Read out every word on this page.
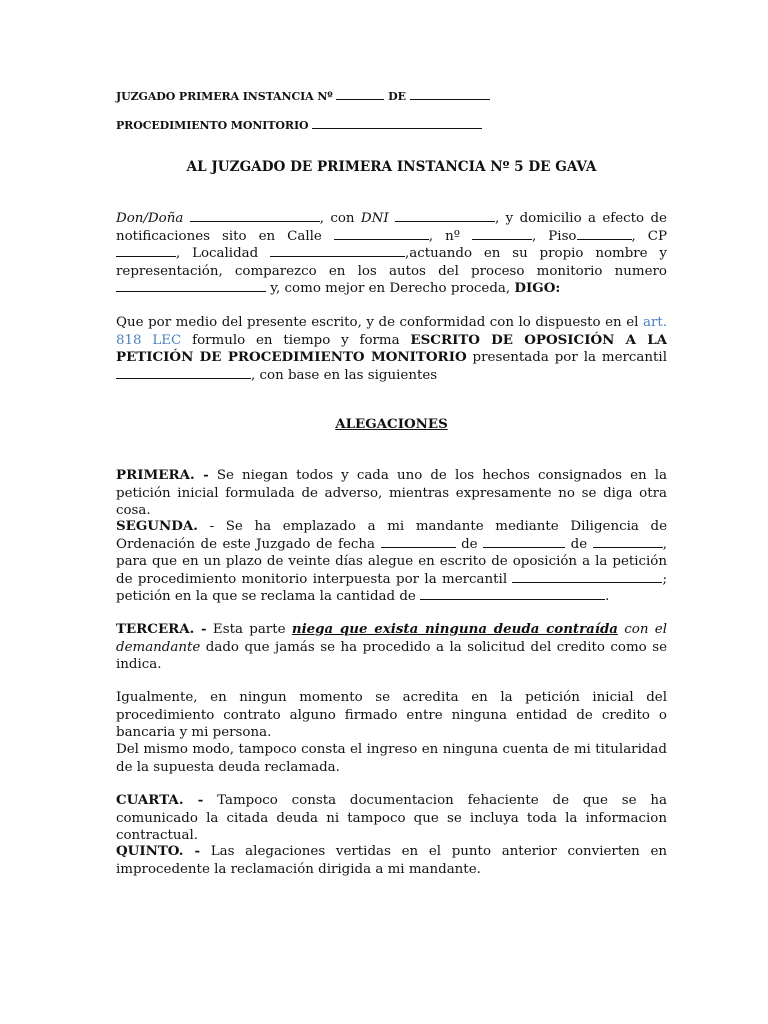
JUZGADO PRIMERA INSTANCIA Nº	DE
PROCEDIMIENTO MONITORIO
AL JUZGADO DE PRIMERA INSTANCIA Nº 5 DE GAVA
Don/Doña	, con DNI	, y domicilio a efecto de
notificaciones sito en Calle	, nº	, Piso	, CP
, Localidad	,actuando en su propio nombre y
representación, comparezco en los autos del proceso monitorio numero
y, como mejor en Derecho proceda, DIGO:
Que por medio del presente escrito, y de conformidad con lo dispuesto en el art. 818 LEC formulo en tiempo y forma ESCRITO DE OPOSICIÓN A LA PETICIÓN DE PROCEDIMIENTO MONITORIO presentada por la mercantil , con base en las siguientes
ALEGACIONES
PRIMERA. - Se niegan todos y cada uno de los hechos consignados en la petición inicial formulada de adverso, mientras expresamente no se diga otra cosa.
SEGUNDA. - Se ha emplazado a mi mandante mediante Diligencia de Ordenación de este Juzgado de fecha	de	de	, para que en un plazo de veinte días alegue en escrito de oposición a la petición de procedimiento monitorio interpuesta por la mercantil	; petición en la que se reclama la cantidad de	.
TERCERA. - Esta parte niega que exista ninguna deuda contraída con el demandante dado que jamás se ha procedido a la solicitud del credito como se indica.
Igualmente, en ningun momento se acredita en la petición inicial del procedimiento contrato alguno firmado entre ninguna entidad de credito o bancaria y mi persona.
Del mismo modo, tampoco consta el ingreso en ninguna cuenta de mi titularidad de la supuesta deuda reclamada.
CUARTA. - Tampoco consta documentacion fehaciente de que se ha comunicado la citada deuda ni tampoco que se incluya toda la informacion contractual.
QUINTO. - Las alegaciones vertidas en el punto anterior convierten en improcedente la reclamación dirigida a mi mandante.
